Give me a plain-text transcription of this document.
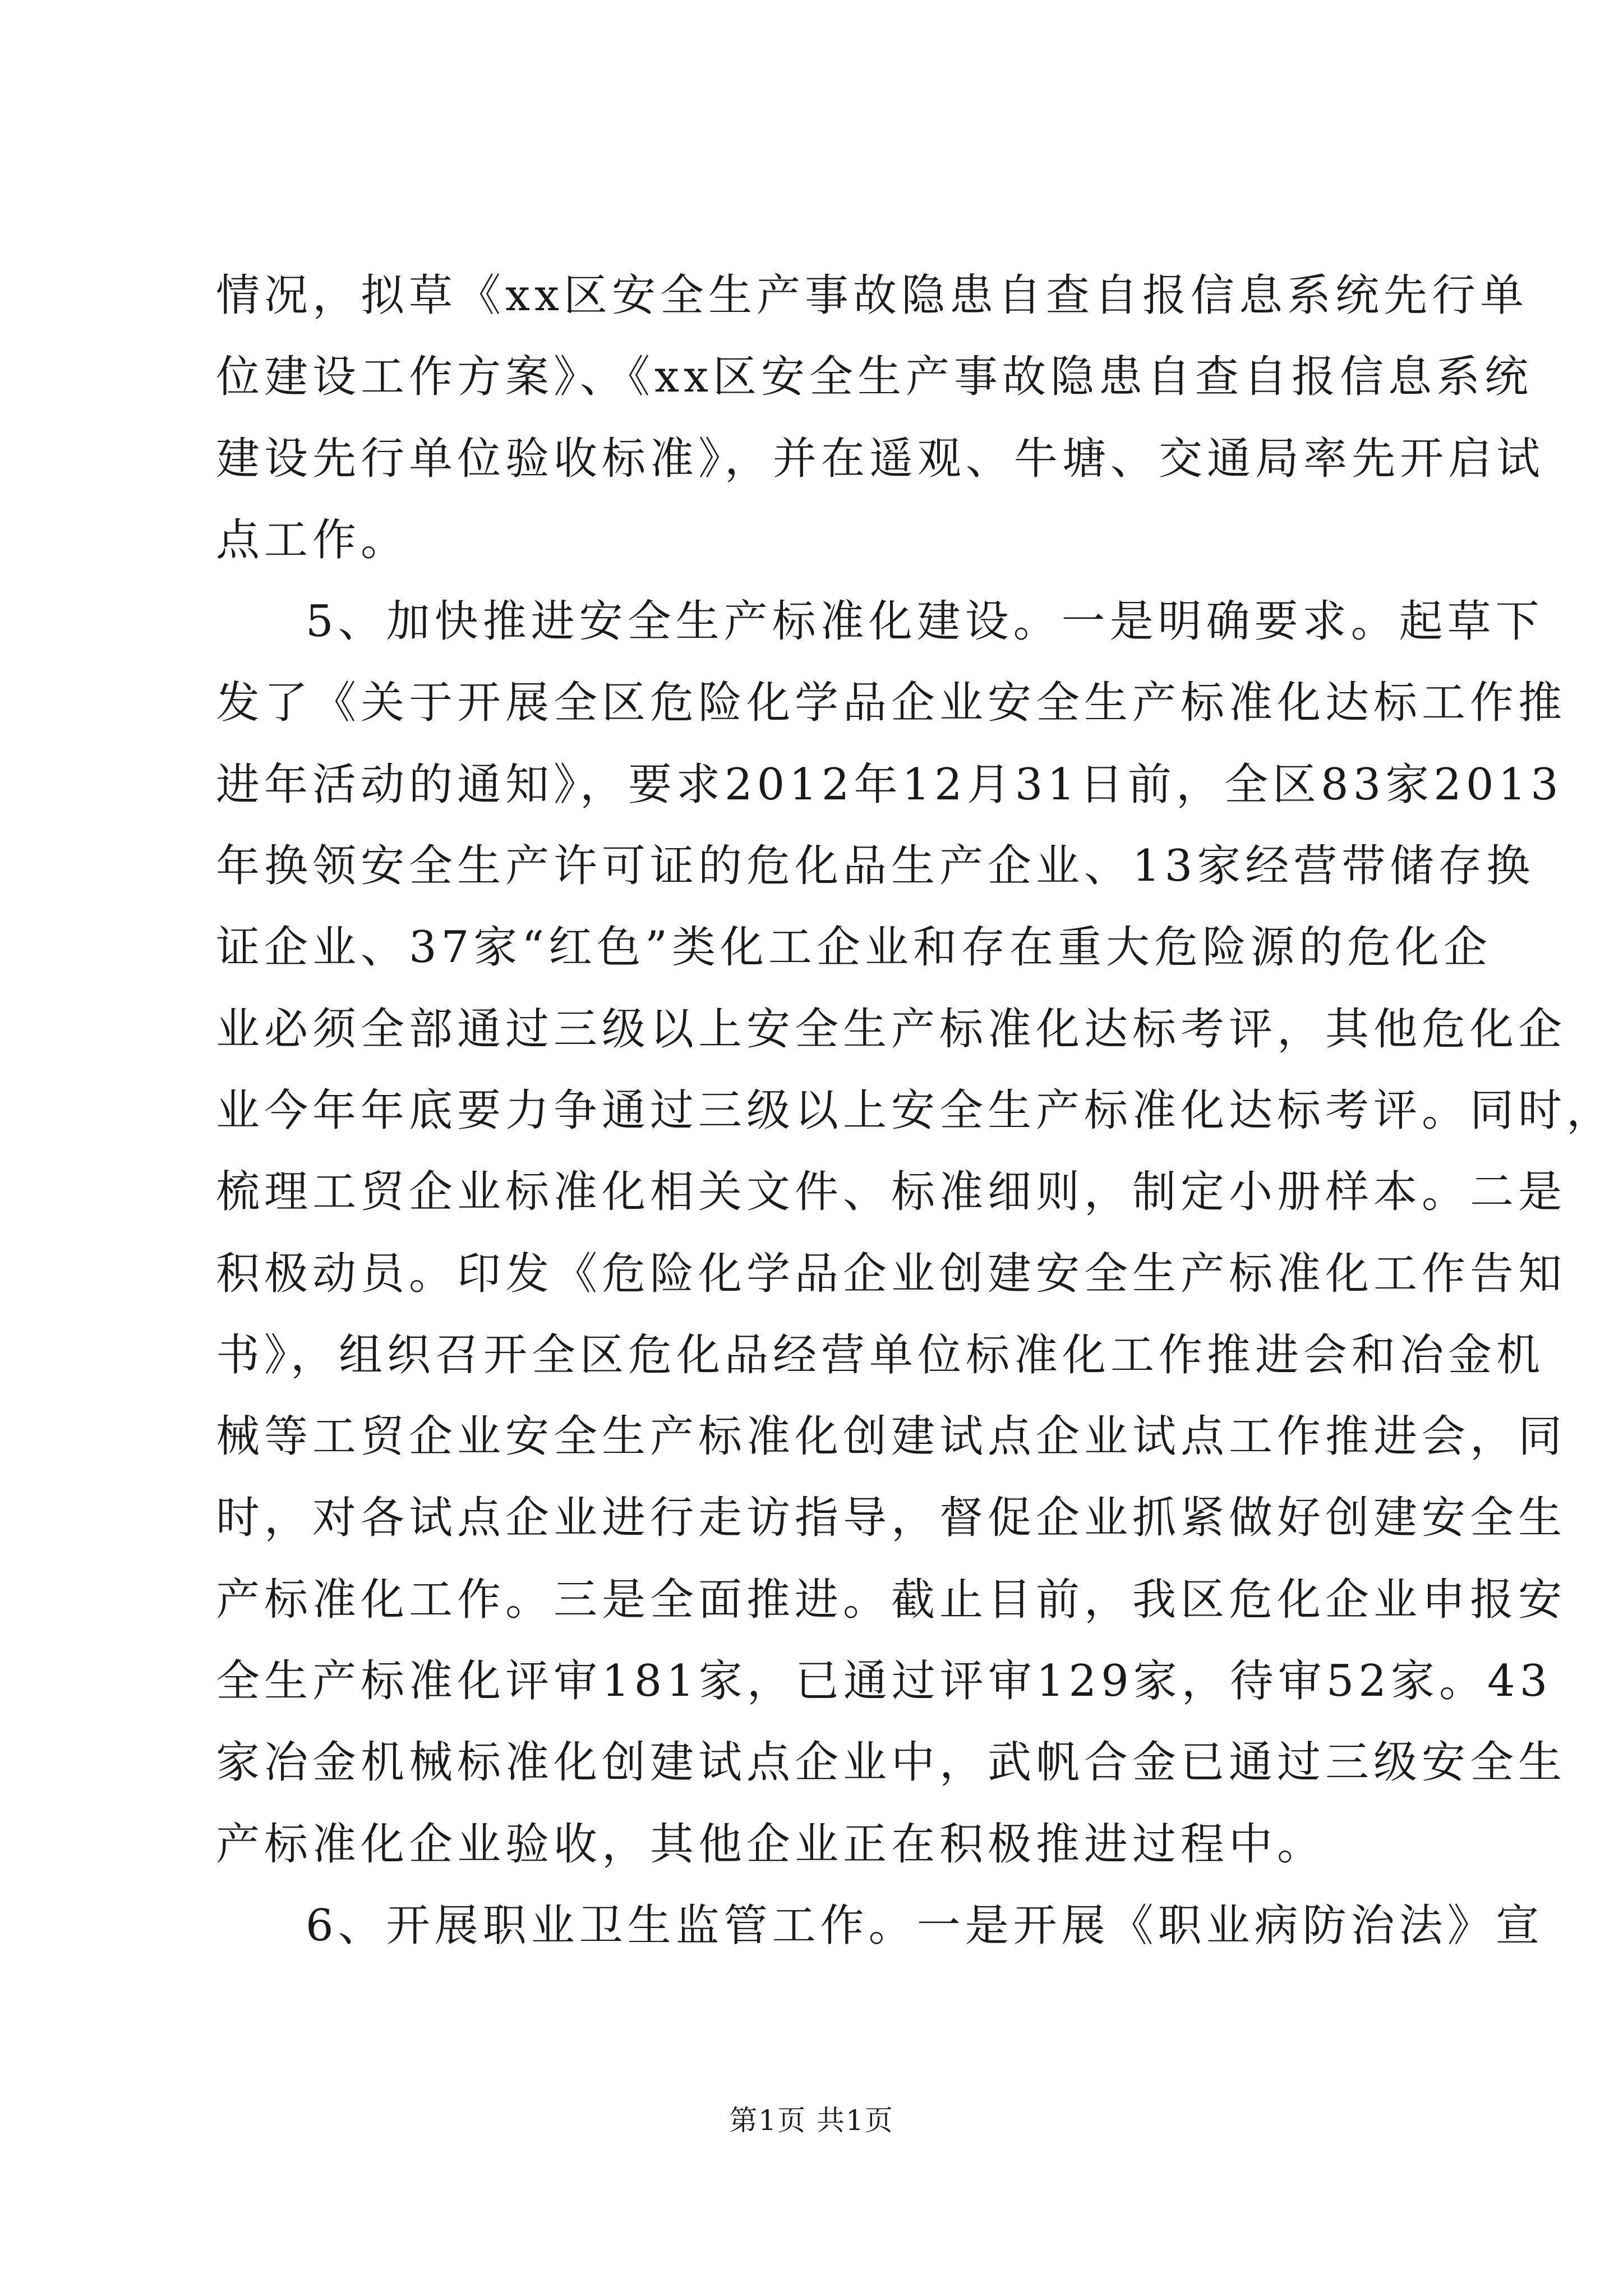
情况，拟草《xx区安全生产事故隐患自查自报信息系统先行单
位建设工作方案》、《xx区安全生产事故隐患自查自报信息系统
建设先行单位验收标准》，并在遥观、牛塘、交通局率先开启试
点工作。
5、加快推进安全生产标准化建设。一是明确要求。起草下
发了《关于开展全区危险化学品企业安全生产标准化达标工作推
进年活动的通知》，要求2012年12月31日前，全区83家2013
年换领安全生产许可证的危化品生产企业、13家经营带储存换
证企业、37家“红色”类化工企业和存在重大危险源的危化企
业必须全部通过三级以上安全生产标准化达标考评，其他危化企
业今年年底要力争通过三级以上安全生产标准化达标考评。同时，
梳理工贸企业标准化相关文件、标准细则，制定小册样本。二是
积极动员。印发《危险化学品企业创建安全生产标准化工作告知
书》，组织召开全区危化品经营单位标准化工作推进会和冶金机
械等工贸企业安全生产标准化创建试点企业试点工作推进会，同
时，对各试点企业进行走访指导，督促企业抓紧做好创建安全生
产标准化工作。三是全面推进。截止目前，我区危化企业申报安
全生产标准化评审181家，已通过评审129家，待审52家。43
家冶金机械标准化创建试点企业中，武帆合金已通过三级安全生
产标准化企业验收，其他企业正在积极推进过程中。
6、开展职业卫生监管工作。一是开展《职业病防治法》宣
第1页 共1页
